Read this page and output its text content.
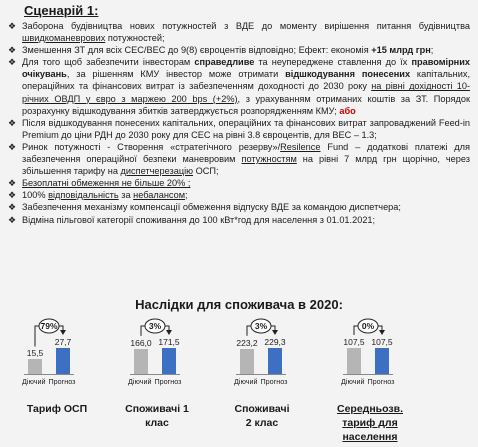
Сценарій 1:
❖ Заборона будівництва нових потужностей з ВДЕ до моменту вирішення питання будівництва швидкоманеврових потужностей;
❖ Зменшення ЗТ для всіх СЕС/ВЕС до 9(8) євроцентів відповідно; Ефект: економія +15 млрд грн;
❖ Для того щоб забезпечити інвесторам справедливе та неупереджене ставлення до їх правомірних очікувань, за рішенням КМУ інвестор може отримати відшкодування понесених капітальних, операційних та фінансових витрат із забезпеченням доходності до 2030 року на рівні дохідності 10-річних ОВДП у євро з маржею 200 bps (+2%), з урахуванням отриманих коштів за ЗТ. Порядок розрахунку відшкодування збитків затверджується розпорядженням КМУ; або
❖ Після відшкодування понесених капітальних, операційних та фінансових витрат запроваджений Feed-in Premium до ціни РДН до 2030 року для СЕС на рівні 3.8 євроцентів, для ВЕС – 1.3;
❖ Ринок потужності - Створення «стратегічного резерву»/Resilence Fund – додаткові платежі для забезпечення операційної безпеки маневровим потужностям на рівні 7 млрд грн щорічно, через збільшення тарифу на диспетчерезацію ОСП;
❖ Безоплатні обмеження не більше 20% ;
❖ 100% відповідальність за небалансом;
❖ Забезпечення механізму компенсації обмеження відпуску ВДЕ за командою диспетчера;
❖ Відміна пільгової категорії споживання до 100 кВт*год для населення з 01.01.2021;
Наслідки для споживача в 2020:
15,5
27,7
Діючий Прогноз
79%
Тариф ОСП
166,0 171,5
Діючий Прогноз
3%
Споживачі 1
клас
223,2 229,3
Діючий Прогноз
3%
Споживачі
2 клас
107,5 107,5
Діючий Прогноз
0%
Середньозв.
тариф для
населення
